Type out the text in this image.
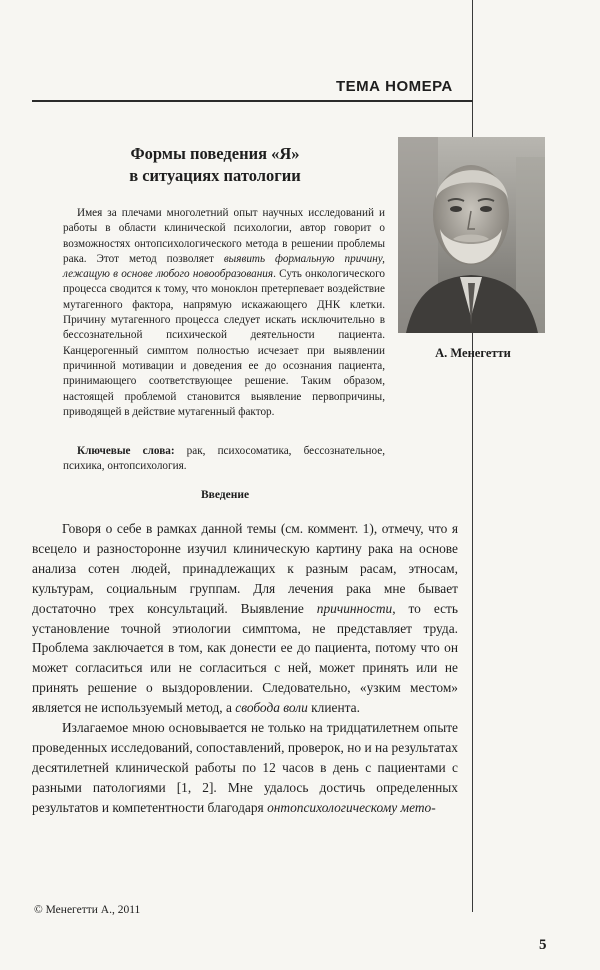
ТЕМА НОМЕРА
Формы поведения «Я»
в ситуациях патологии
А. Менегетти

Имея за плечами многолетний опыт научных исследований и работы в области клинической психологии, автор говорит о возможностях онтопсихологического метода в решении проблемы рака. Этот метод позволяет выявить формальную причину, лежащую в основе любого новообразования. Суть онкологического процесса сводится к тому, что моноклон претерпевает воздействие мутагенного фактора, напрямую искажающего ДНК клетки. Причину мутагенного процесса следует искать исключительно в бессознательной психической деятельности пациента. Канцерогенный симптом полностью исчезает при выявлении причинной мотивации и доведения ее до осознания пациента, принимающего соответствующее решение. Таким образом, настоящей проблемой становится выявление первопричины, приводящей в действие мутагенный фактор.

Ключевые слова: рак, психосоматика, бессознательное, психика, онтопсихология.
Введение

Говоря о себе в рамках данной темы (см. коммент. 1), отмечу, что я всецело и разносторонне изучил клиническую картину рака на основе анализа сотен людей, принадлежащих к разным расам, этносам, культурам, социальным группам. Для лечения рака мне бывает достаточно трех консультаций. Выявление причинности, то есть установление точной этиологии симптома, не представляет труда. Проблема заключается в том, как донести ее до пациента, потому что он может согласиться или не согласиться с ней, может принять или не принять решение о выздоровлении. Следовательно, «узким местом» является не используемый метод, а свобода воли клиента.

Излагаемое мною основывается не только на тридцатилетнем опыте проведенных исследований, сопоставлений, проверок, но и на результатах десятилетней клинической работы по 12 часов в день с пациентами с разными патологиями [1, 2]. Мне удалось достичь определенных результатов и компетентности благодаря онтопсихологическому мето-

© Менегетти А., 2011
5
